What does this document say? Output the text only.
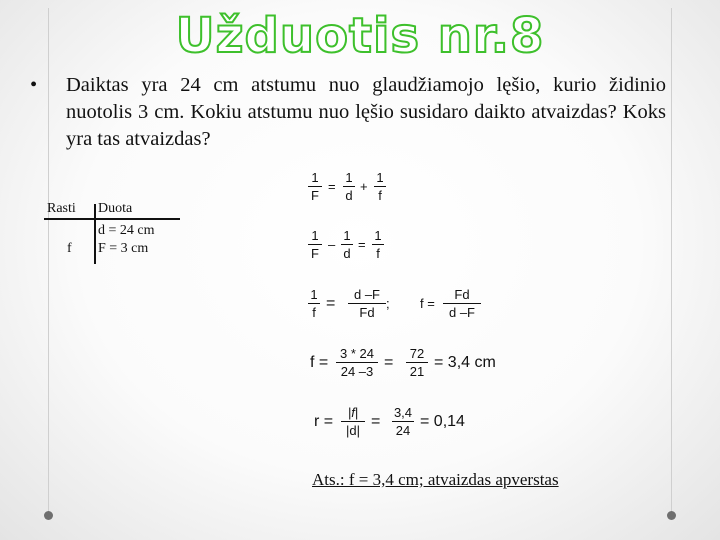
Užduotis nr.8
•	Daiktas yra 24 cm atstumu nuo glaudžiamojo lęšio, kurio židinio nuotolis 3 cm. Kokiu atstumu nuo lęšio susidaro daikto atvaizdas? Koks yra tas atvaizdas?
Rasti Duota
f
d = 24 cm
F = 3 cm
1
F
=
1
d
+
1
f
1
F
–
1
d
=
1
f
1
f
=
d –F
Fd
; f =
Fd
d –F
f =
3 * 24
24 –3
=
72
21
= 3,4 cm
r =
|f|
|d|
=
3,4
24
= 0,14
Ats.: f = 3,4 cm; atvaizdas apverstas
